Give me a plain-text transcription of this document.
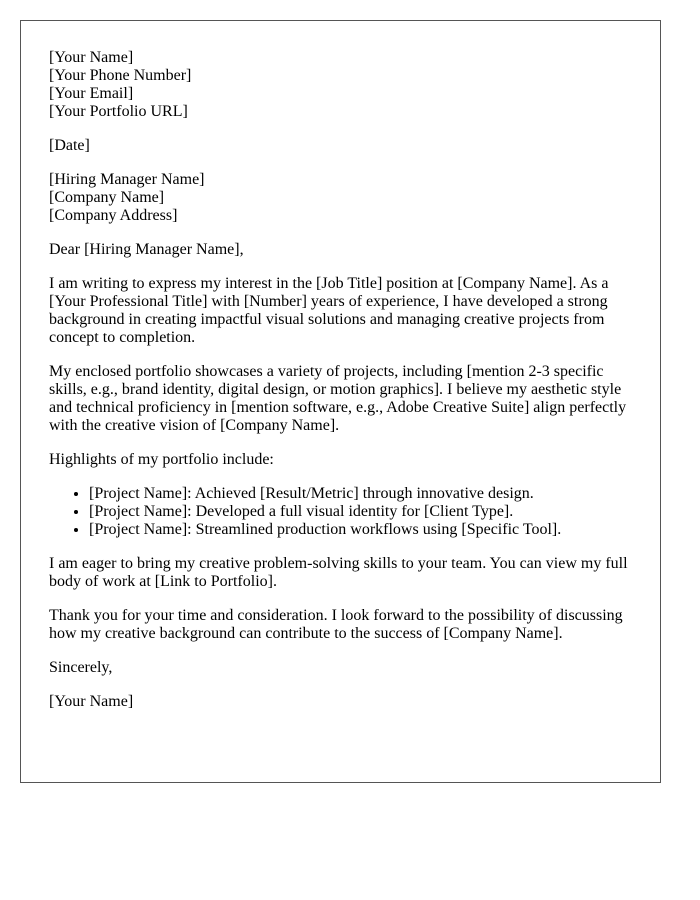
[Your Name]
[Your Phone Number]
[Your Email]
[Your Portfolio URL]

[Date]

[Hiring Manager Name]
[Company Name]
[Company Address]

Dear [Hiring Manager Name],

I am writing to express my interest in the [Job Title] position at [Company Name]. As a [Your Professional Title] with [Number] years of experience, I have developed a strong background in creating impactful visual solutions and managing creative projects from concept to completion.

My enclosed portfolio showcases a variety of projects, including [mention 2-3 specific skills, e.g., brand identity, digital design, or motion graphics]. I believe my aesthetic style and technical proficiency in [mention software, e.g., Adobe Creative Suite] align perfectly with the creative vision of [Company Name].

Highlights of my portfolio include:

• [Project Name]: Achieved [Result/Metric] through innovative design.
• [Project Name]: Developed a full visual identity for [Client Type].
• [Project Name]: Streamlined production workflows using [Specific Tool].

I am eager to bring my creative problem-solving skills to your team. You can view my full body of work at [Link to Portfolio].

Thank you for your time and consideration. I look forward to the possibility of discussing how my creative background can contribute to the success of [Company Name].

Sincerely,

[Your Name]
